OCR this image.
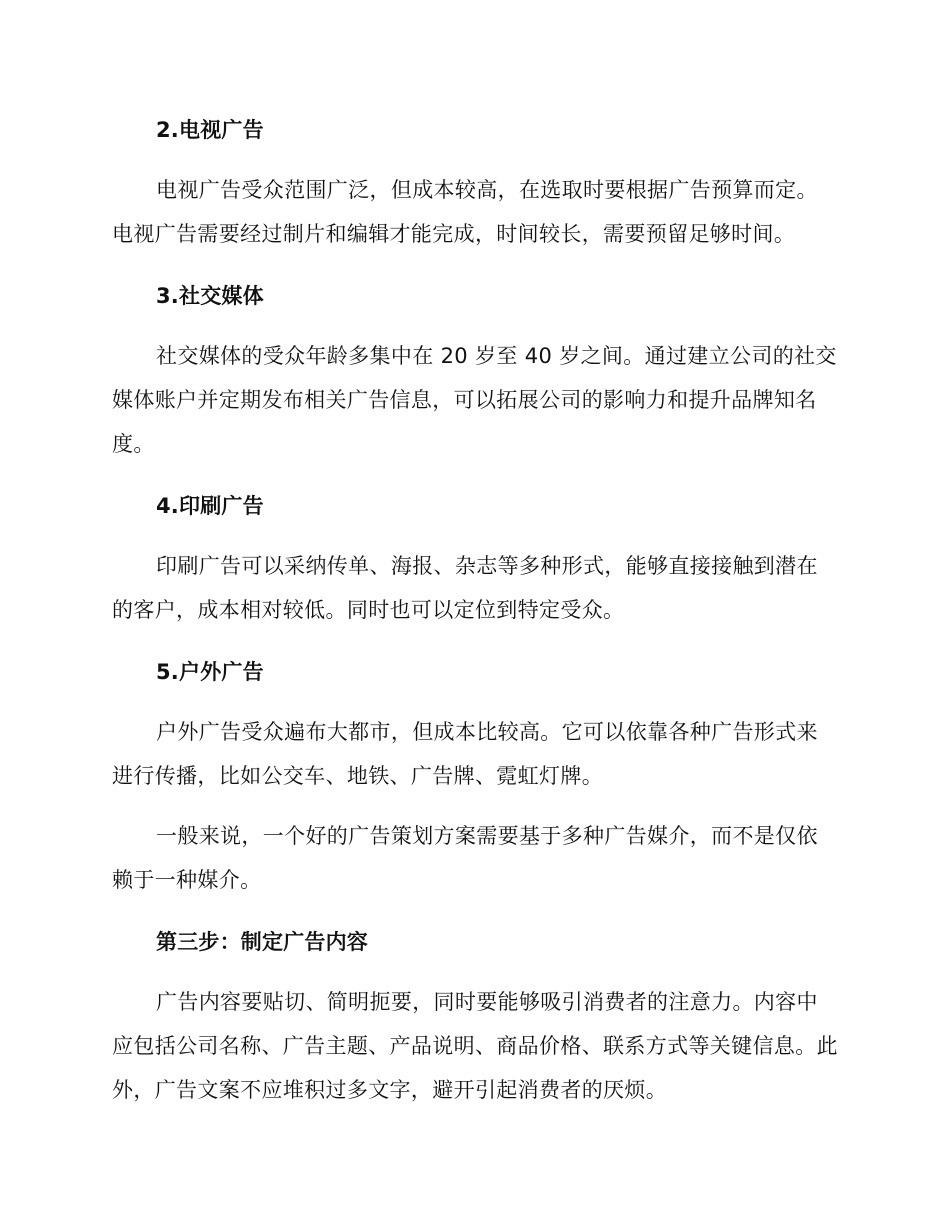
2.电视广告

电视广告受众范围广泛，但成本较高，在选取时要根据广告预算而定。电视广告需要经过制片和编辑才能完成，时间较长，需要预留足够时间。

3.社交媒体

社交媒体的受众年龄多集中在 20 岁至 40 岁之间。通过建立公司的社交媒体账户并定期发布相关广告信息，可以拓展公司的影响力和提升品牌知名度。

4.印刷广告

印刷广告可以采纳传单、海报、杂志等多种形式，能够直接接触到潜在的客户，成本相对较低。同时也可以定位到特定受众。

5.户外广告

户外广告受众遍布大都市，但成本比较高。它可以依靠各种广告形式来进行传播，比如公交车、地铁、广告牌、霓虹灯牌。

一般来说，一个好的广告策划方案需要基于多种广告媒介，而不是仅依赖于一种媒介。

第三步：制定广告内容

广告内容要贴切、简明扼要，同时要能够吸引消费者的注意力。内容中应包括公司名称、广告主题、产品说明、商品价格、联系方式等关键信息。此外，广告文案不应堆积过多文字，避开引起消费者的厌烦。
